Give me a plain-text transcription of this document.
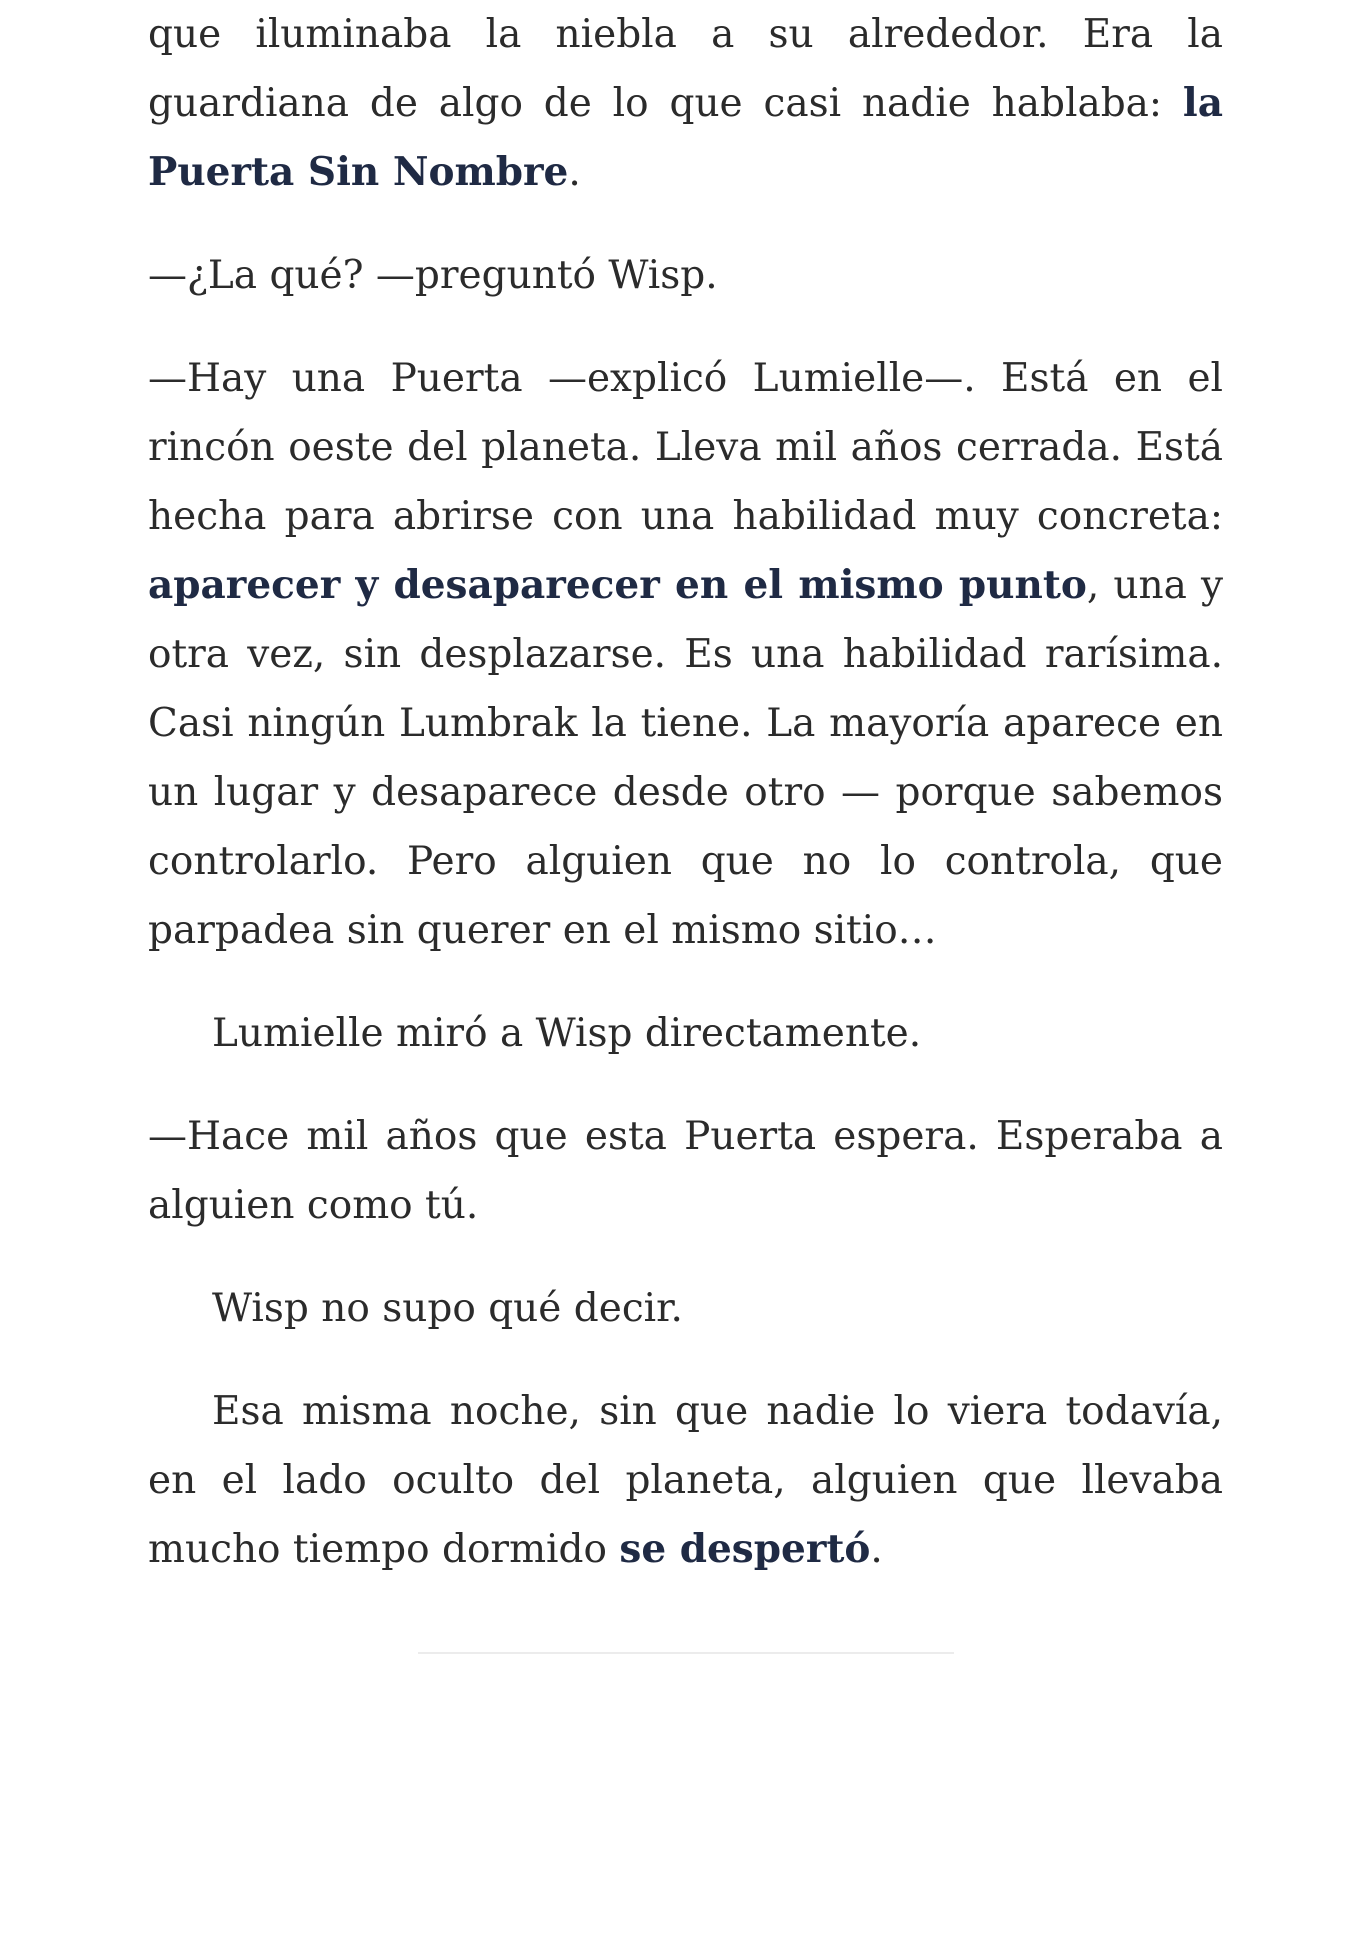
que iluminaba la niebla a su alrededor. Era la guardiana de algo de lo que casi nadie hablaba: la Puerta Sin Nombre.

—¿La qué? —preguntó Wisp.

—Hay una Puerta —explicó Lumielle—. Está en el rincón oeste del planeta. Lleva mil años cerrada. Está hecha para abrirse con una habilidad muy concreta: aparecer y desaparecer en el mismo punto, una y otra vez, sin desplazarse. Es una habilidad rarísima. Casi ningún Lumbrak la tiene. La mayoría aparece en un lugar y desaparece desde otro — porque sabemos controlarlo. Pero alguien que no lo controla, que parpadea sin querer en el mismo sitio…

Lumielle miró a Wisp directamente.

—Hace mil años que esta Puerta espera. Esperaba a alguien como tú.

Wisp no supo qué decir.

Esa misma noche, sin que nadie lo viera todavía, en el lado oculto del planeta, alguien que llevaba mucho tiempo dormido se despertó.
